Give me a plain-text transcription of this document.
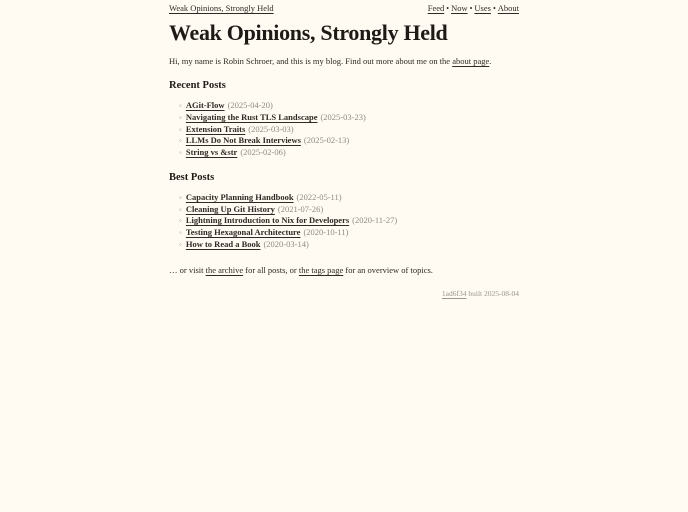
Weak Opinions, Strongly Held	Feed • Now • Uses • About
Weak Opinions, Strongly Held

Hi, my name is Robin Schroer, and this is my blog. Find out more about me on the about page.

Recent Posts
◦ AGit-Flow (2025-04-20)
◦ Navigating the Rust TLS Landscape (2025-03-23)
◦ Extension Traits (2025-03-03)
◦ LLMs Do Not Break Interviews (2025-02-13)
◦ String vs &str (2025-02-06)
Best Posts
◦ Capacity Planning Handbook (2022-05-11)
◦ Cleaning Up Git History (2021-07-26)
◦ Lightning Introduction to Nix for Developers (2020-11-27)
◦ Testing Hexagonal Architecture (2020-10-11)
◦ How to Read a Book (2020-03-14)

… or visit the archive for all posts, or the tags page for an overview of topics.

1ad6f34 built 2025-08-04
